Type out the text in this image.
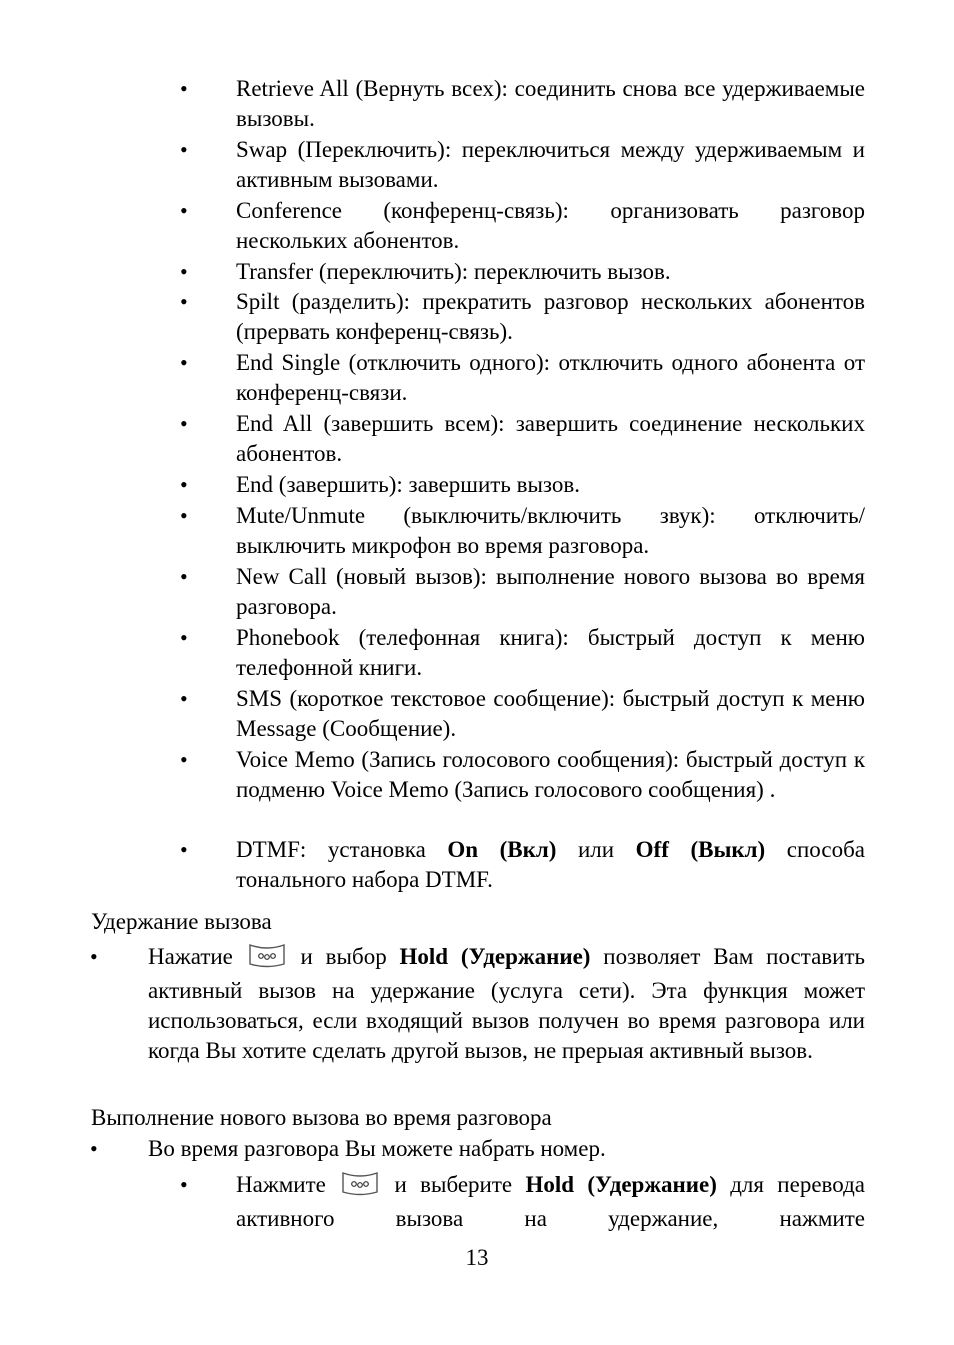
• Retrieve All (Вернуть всех): соединить снова все удерживаемые вызовы.
• Swap (Переключить): переключиться между удерживаемым и активным вызовами.
• Conference (конференц-связь): организовать разговор нескольких абонентов.
• Transfer (переключить): переключить вызов.
• Spilt (разделить): прекратить разговор нескольких абонентов (прервать конференц-связь).
• End Single (отключить одного): отключить одного абонента от конференц-связи.
• End All (завершить всем): завершить соединение нескольких абонентов.
• End (завершить): завершить вызов.
• Mute/Unmute (выключить/включить звук): отключить/выключить микрофон во время разговора.
• New Call (новый вызов): выполнение нового вызова во время разговора.
• Phonebook (телефонная книга): быстрый доступ к меню телефонной книги.
• SMS (короткое текстовое сообщение): быстрый доступ к меню Message (Сообщение).
• Voice Memo (Запись голосового сообщения): быстрый доступ к подменю Voice Memo (Запись голосового сообщения) .
• DTMF: установка On (Вкл) или Off (Выкл) способа тонального набора DTMF.
Удержание вызова
• Нажатие  и выбор Hold (Удержание) позволяет Вам поставить активный вызов на удержание (услуга сети). Эта функция может использоваться, если входящий вызов получен во время разговора или когда Вы хотите сделать другой вызов, не прерыая активный вызов.
Выполнение нового вызова во время разговора
• Во время разговора Вы можете набрать номер.
• Нажмите  и выберите Hold (Удержание) для перевода активного вызова на удержание, нажмите
13
